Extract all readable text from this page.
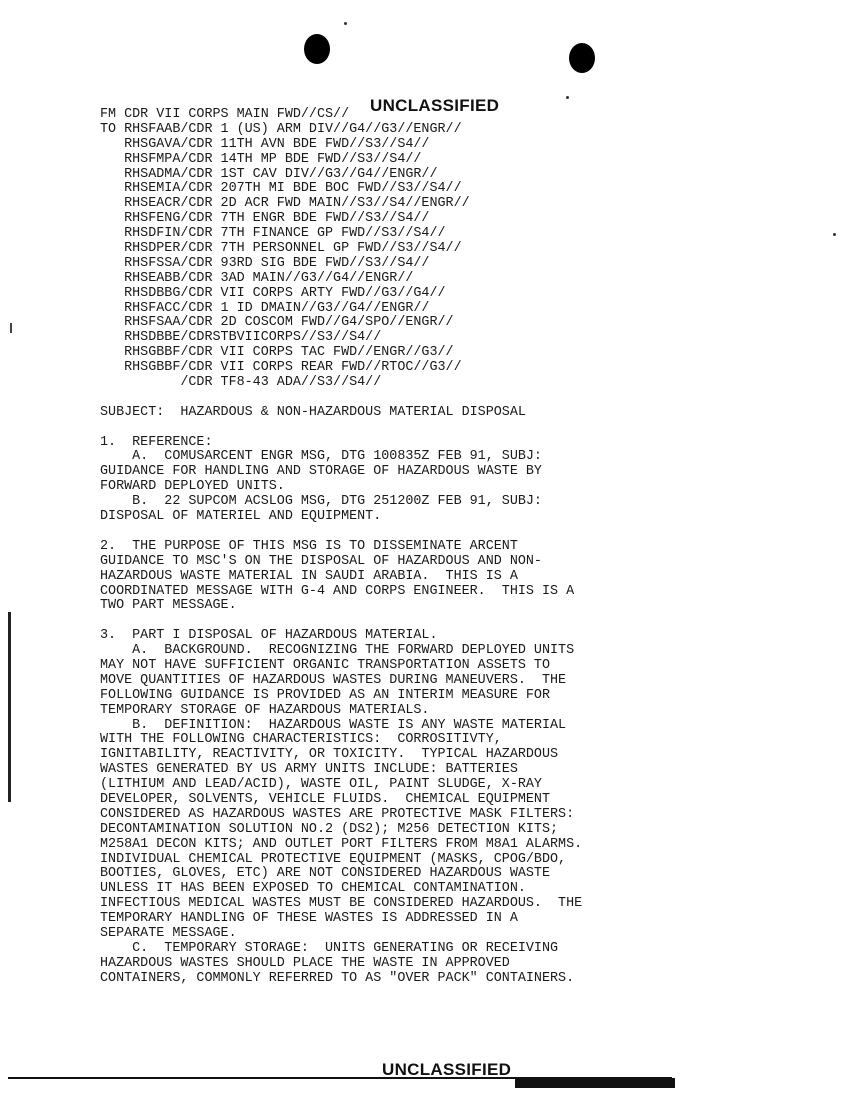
UNCLASSIFIED
FM CDR VII CORPS MAIN FWD//CS//
TO RHSFAAB/CDR 1 (US) ARM DIV//G4//G3//ENGR//
RHSGAVA/CDR 11TH AVN BDE FWD//S3//S4//
RHSFMPA/CDR 14TH MP BDE FWD//S3//S4//
RHSADMA/CDR 1ST CAV DIV//G3//G4//ENGR//
RHSEMIA/CDR 207TH MI BDE BOC FWD//S3//S4//
RHSEACR/CDR 2D ACR FWD MAIN//S3//S4//ENGR//
RHSFENG/CDR 7TH ENGR BDE FWD//S3//S4//
RHSDFIN/CDR 7TH FINANCE GP FWD//S3//S4//
RHSDPER/CDR 7TH PERSONNEL GP FWD//S3//S4//
RHSFSSA/CDR 93RD SIG BDE FWD//S3//S4//
RHSEABB/CDR 3AD MAIN//G3//G4//ENGR//
RHSDBBG/CDR VII CORPS ARTY FWD//G3//G4//
RHSFACC/CDR 1 ID DMAIN//G3//G4//ENGR//
RHSFSAA/CDR 2D COSCOM FWD//G4/SPO//ENGR//
RHSDBBE/CDRSTBVIICORPS//S3//S4//
RHSGBBF/CDR VII CORPS TAC FWD//ENGR//G3//
RHSGBBF/CDR VII CORPS REAR FWD//RTOC//G3//
/CDR TF8-43 ADA//S3//S4//
SUBJECT:  HAZARDOUS & NON-HAZARDOUS MATERIAL DISPOSAL
1.  REFERENCE:
A.  COMUSARCENT ENGR MSG, DTG 100835Z FEB 91, SUBJ:
GUIDANCE FOR HANDLING AND STORAGE OF HAZARDOUS WASTE BY
FORWARD DEPLOYED UNITS.
B.  22 SUPCOM ACSLOG MSG, DTG 251200Z FEB 91, SUBJ:
DISPOSAL OF MATERIEL AND EQUIPMENT.
2.  THE PURPOSE OF THIS MSG IS TO DISSEMINATE ARCENT
GUIDANCE TO MSC'S ON THE DISPOSAL OF HAZARDOUS AND NON-
HAZARDOUS WASTE MATERIAL IN SAUDI ARABIA.  THIS IS A
COORDINATED MESSAGE WITH G-4 AND CORPS ENGINEER.  THIS IS A
TWO PART MESSAGE.
3.  PART I DISPOSAL OF HAZARDOUS MATERIAL.
A.  BACKGROUND.  RECOGNIZING THE FORWARD DEPLOYED UNITS
MAY NOT HAVE SUFFICIENT ORGANIC TRANSPORTATION ASSETS TO
MOVE QUANTITIES OF HAZARDOUS WASTES DURING MANEUVERS.  THE
FOLLOWING GUIDANCE IS PROVIDED AS AN INTERIM MEASURE FOR
TEMPORARY STORAGE OF HAZARDOUS MATERIALS.
B.  DEFINITION:  HAZARDOUS WASTE IS ANY WASTE MATERIAL
WITH THE FOLLOWING CHARACTERISTICS:  CORROSITIVTY,
IGNITABILITY, REACTIVITY, OR TOXICITY.  TYPICAL HAZARDOUS
WASTES GENERATED BY US ARMY UNITS INCLUDE: BATTERIES
(LITHIUM AND LEAD/ACID), WASTE OIL, PAINT SLUDGE, X-RAY
DEVELOPER, SOLVENTS, VEHICLE FLUIDS.  CHEMICAL EQUIPMENT
CONSIDERED AS HAZARDOUS WASTES ARE PROTECTIVE MASK FILTERS:
DECONTAMINATION SOLUTION NO.2 (DS2); M256 DETECTION KITS;
M258A1 DECON KITS; AND OUTLET PORT FILTERS FROM M8A1 ALARMS.
INDIVIDUAL CHEMICAL PROTECTIVE EQUIPMENT (MASKS, CPOG/BDO,
BOOTIES, GLOVES, ETC) ARE NOT CONSIDERED HAZARDOUS WASTE
UNLESS IT HAS BEEN EXPOSED TO CHEMICAL CONTAMINATION.
INFECTIOUS MEDICAL WASTES MUST BE CONSIDERED HAZARDOUS.  THE
TEMPORARY HANDLING OF THESE WASTES IS ADDRESSED IN A
SEPARATE MESSAGE.
C.  TEMPORARY STORAGE:  UNITS GENERATING OR RECEIVING
HAZARDOUS WASTES SHOULD PLACE THE WASTE IN APPROVED
CONTAINERS, COMMONLY REFERRED TO AS "OVER PACK" CONTAINERS.
UNCLASSIFIED
